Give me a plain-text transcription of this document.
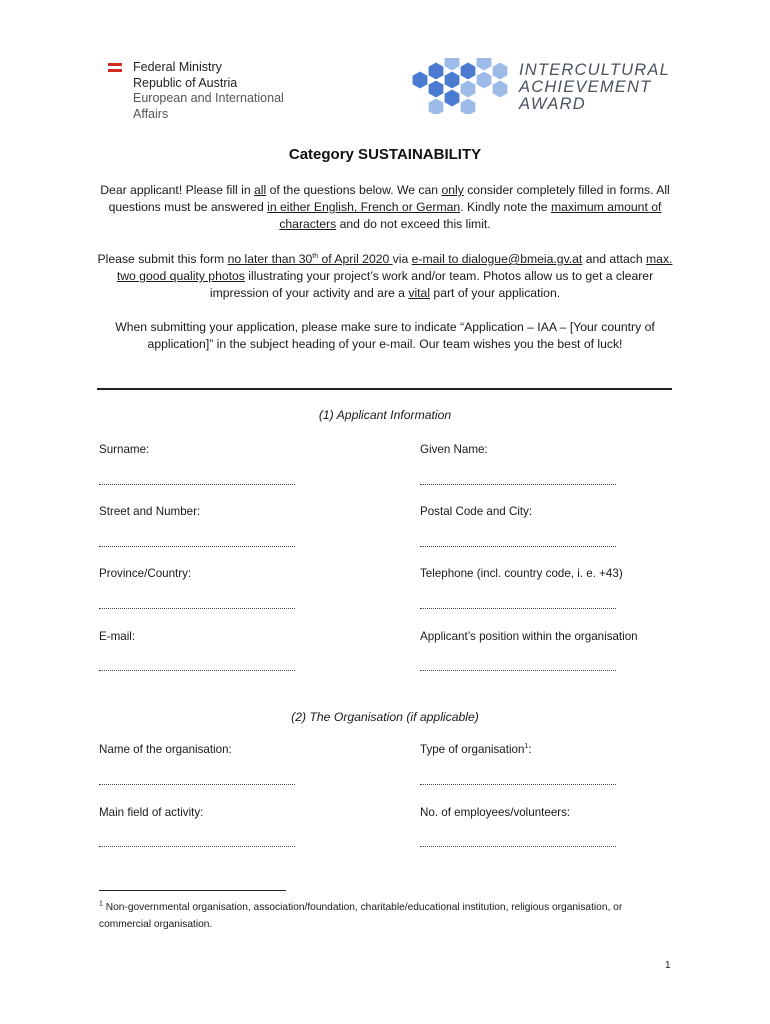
Federal Ministry
Republic of Austria
European and International
Affairs
INTERCULTURAL
ACHIEVEMENT
AWARD
Category SUSTAINABILITY
Dear applicant! Please fill in all of the questions below. We can only consider completely filled in forms. All questions must be answered in either English, French or German. Kindly note the maximum amount of characters and do not exceed this limit.
Please submit this form no later than 30th of April 2020 via e-mail to dialogue@bmeia.gv.at and attach max. two good quality photos illustrating your project’s work and/or team. Photos allow us to get a clearer impression of your activity and are a vital part of your application.
When submitting your application, please make sure to indicate “Application – IAA – [Your country of application]” in the subject heading of your e-mail. Our team wishes you the best of luck!
(1) Applicant Information
Surname:	Given Name:
Street and Number:	Postal Code and City:
Province/Country:	Telephone (incl. country code, i. e. +43)
E-mail:	Applicant’s position within the organisation
(2) The Organisation (if applicable)
Name of the organisation:	Type of organisation$^1$:
Main field of activity:	No. of employees/volunteers:
$^1$ Non-governmental organisation, association/foundation, charitable/educational institution, religious organisation, or commercial organisation.
1
